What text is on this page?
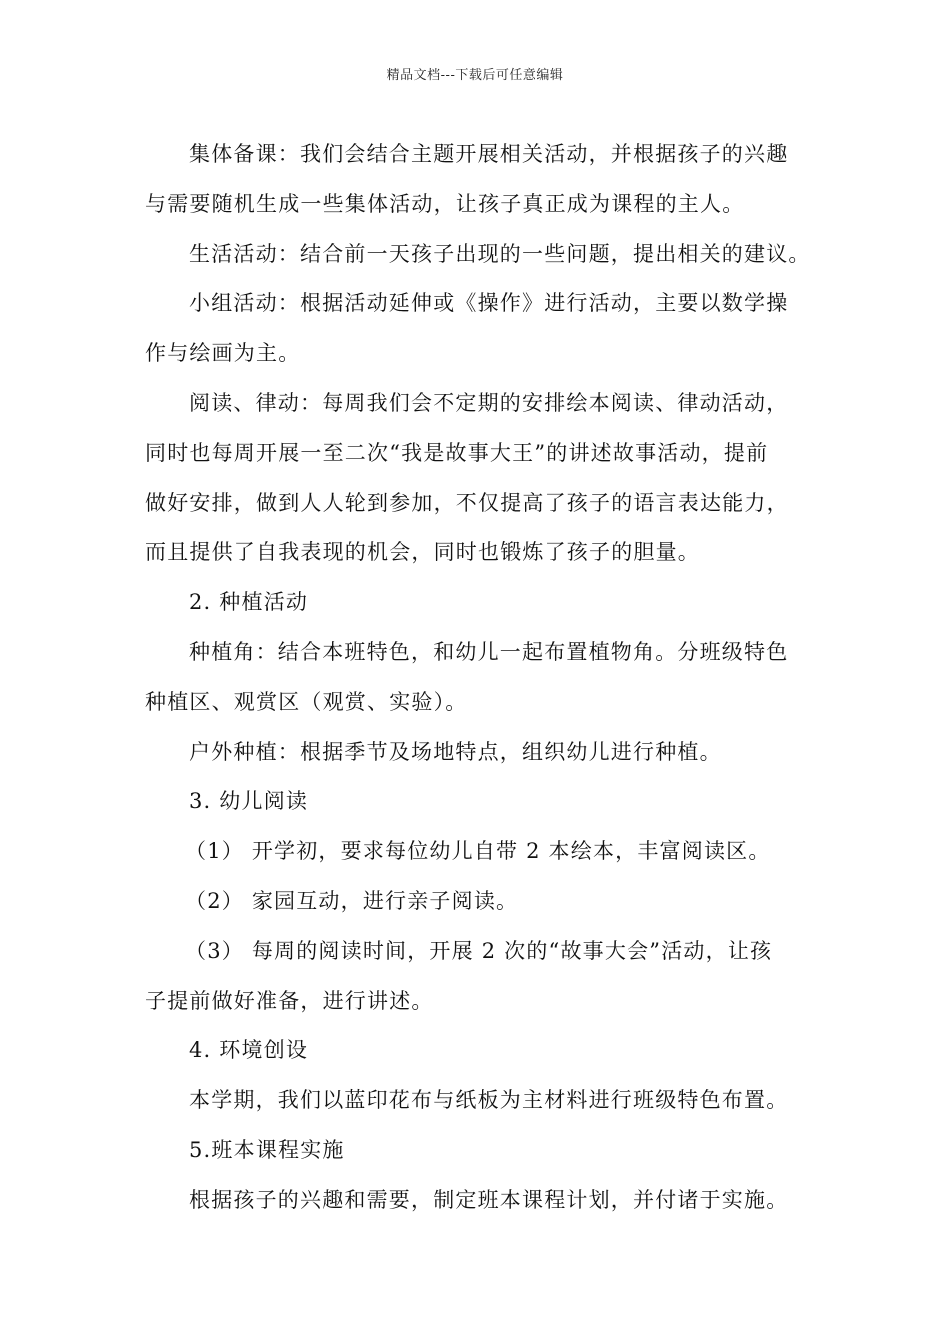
精品文档---下载后可任意编辑
集体备课：我们会结合主题开展相关活动，并根据孩子的兴趣
与需要随机生成一些集体活动，让孩子真正成为课程的主人。
生活活动：结合前一天孩子出现的一些问题，提出相关的建议。
小组活动：根据活动延伸或《操作》进行活动，主要以数学操
作与绘画为主。
阅读、律动：每周我们会不定期的安排绘本阅读、律动活动，
同时也每周开展一至二次“我是故事大王”的讲述故事活动，提前
做好安排，做到人人轮到参加，不仅提高了孩子的语言表达能力，
而且提供了自我表现的机会，同时也锻炼了孩子的胆量。
2. 种植活动
种植角：结合本班特色，和幼儿一起布置植物角。分班级特色
种植区、观赏区（观赏、实验）。
户外种植：根据季节及场地特点，组织幼儿进行种植。
3. 幼儿阅读
（1） 开学初，要求每位幼儿自带 2 本绘本，丰富阅读区。
（2） 家园互动，进行亲子阅读。
（3） 每周的阅读时间，开展 2 次的“故事大会”活动，让孩
子提前做好准备，进行讲述。
4. 环境创设
本学期，我们以蓝印花布与纸板为主材料进行班级特色布置。
5.班本课程实施
根据孩子的兴趣和需要，制定班本课程计划，并付诸于实施。
